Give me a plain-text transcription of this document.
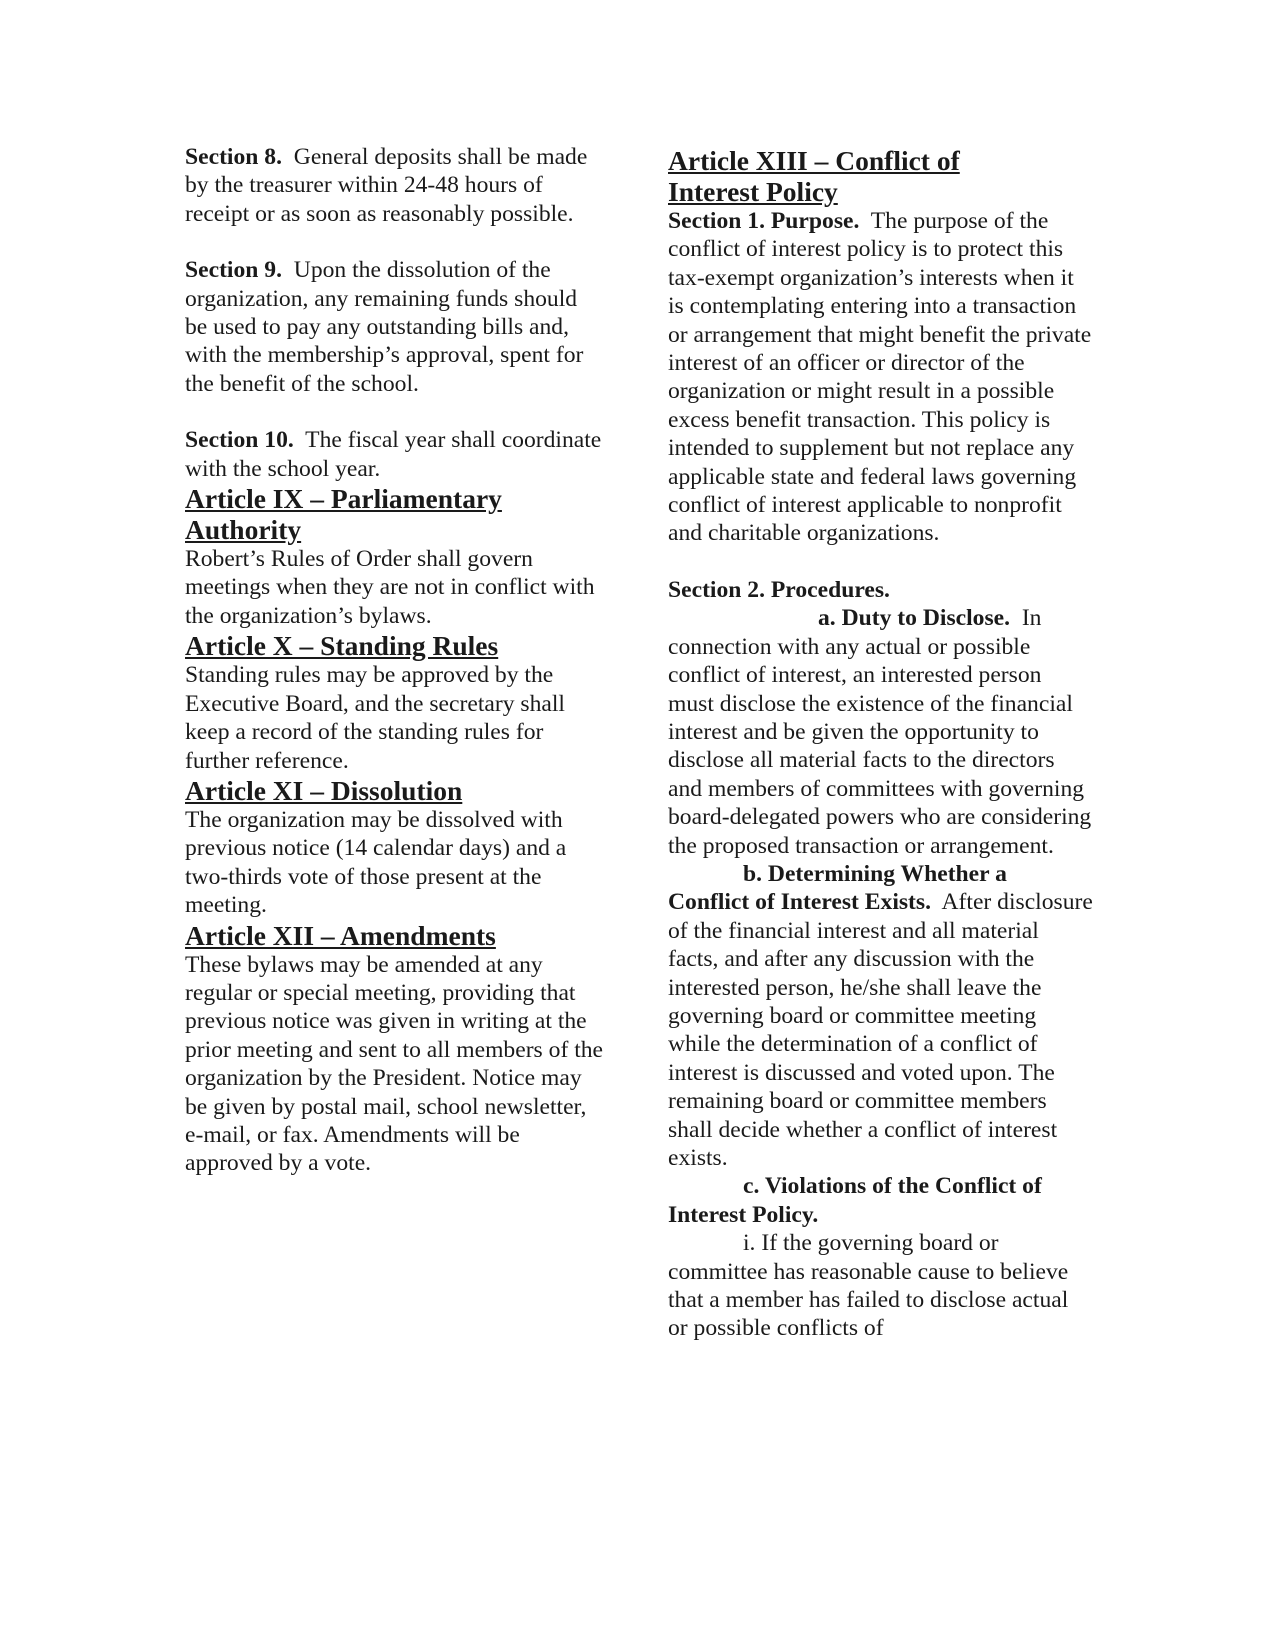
Section 8. General deposits shall be made by the treasurer within 24-48 hours of receipt or as soon as reasonably possible.

Section 9. Upon the dissolution of the organization, any remaining funds should be used to pay any outstanding bills and, with the membership’s approval, spent for the benefit of the school.

Section 10. The fiscal year shall coordinate with the school year.

Article IX – Parliamentary
Authority

Robert’s Rules of Order shall govern meetings when they are not in conflict with the organization’s bylaws.

Article X – Standing Rules

Standing rules may be approved by the Executive Board, and the secretary shall keep a record of the standing rules for further reference.

Article XI – Dissolution

The organization may be dissolved with previous notice (14 calendar days) and a two-thirds vote of those present at the meeting.

Article XII – Amendments

These bylaws may be amended at any regular or special meeting, providing that previous notice was given in writing at the prior meeting and sent to all members of the organization by the President. Notice may be given by postal mail, school newsletter, e-mail, or fax. Amendments will be approved by a vote.

Article XIII – Conflict of
Interest Policy

Section 1. Purpose. The purpose of the conflict of interest policy is to protect this tax-exempt organization’s interests when it is contemplating entering into a transaction or arrangement that might benefit the private interest of an officer or director of the organization or might result in a possible excess benefit transaction. This policy is intended to supplement but not replace any applicable state and federal laws governing conflict of interest applicable to nonprofit and charitable organizations.

Section 2. Procedures.

a. Duty to Disclose. In connection with any actual or possible conflict of interest, an interested person must disclose the existence of the financial interest and be given the opportunity to disclose all material facts to the directors and members of committees with governing board-delegated powers who are considering the proposed transaction or arrangement.

b. Determining Whether a
Conflict of Interest Exists. After disclosure of the financial interest and all material facts, and after any discussion with the interested person, he/she shall leave the governing board or committee meeting while the determination of a conflict of interest is discussed and voted upon. The remaining board or committee members shall decide whether a conflict of interest exists.

c. Violations of the Conflict of
Interest Policy.

i. If the governing board or
committee has reasonable cause to believe that a member has failed to disclose actual or possible conflicts of
